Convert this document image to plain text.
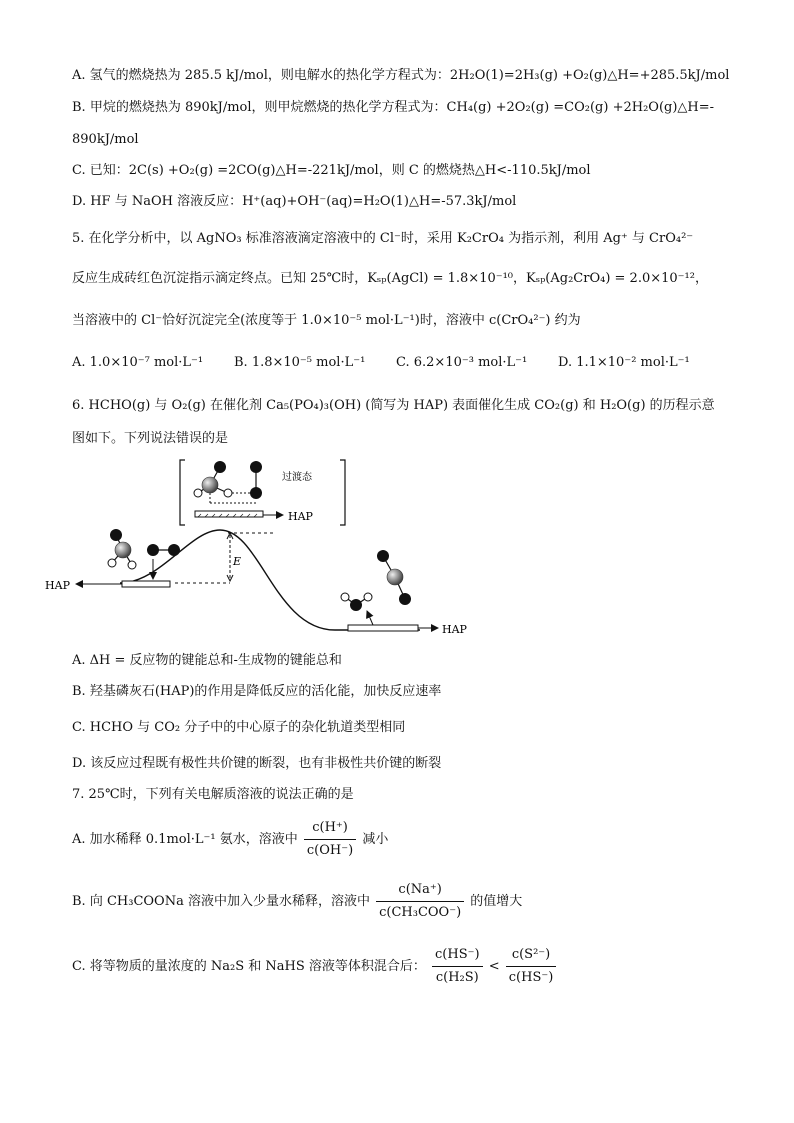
A. 氢气的燃烧热为 285.5 kJ/mol，则电解水的热化学方程式为：2H₂O(1)=2H₃(g) +O₂(g)△H=+285.5kJ/mol
B. 甲烷的燃烧热为 890kJ/mol，则甲烷燃烧的热化学方程式为：CH₄(g) +2O₂(g) =CO₂(g) +2H₂O(g)△H=-
890kJ/mol
C. 已知：2C(s) +O₂(g) =2CO(g)△H=-221kJ/mol，则 C 的燃烧热△H<-110.5kJ/mol
D. HF 与 NaOH 溶液反应：H⁺(aq)+OH⁻(aq)=H₂O(1)△H=-57.3kJ/mol
5. 在化学分析中，以 AgNO₃ 标准溶液滴定溶液中的 Cl⁻时，采用 K₂CrO₄ 为指示剂，利用 Ag⁺ 与 CrO₄²⁻
反应生成砖红色沉淀指示滴定终点。已知 25℃时，Kₛₚ(AgCl) = 1.8×10⁻¹⁰，Kₛₚ(Ag₂CrO₄) = 2.0×10⁻¹²，
当溶液中的 Cl⁻恰好沉淀完全(浓度等于 1.0×10⁻⁵ mol·L⁻¹)时，溶液中 c(CrO₄²⁻) 约为
A. 1.0×10⁻⁷ mol·L⁻¹ B. 1.8×10⁻⁵ mol·L⁻¹ C. 6.2×10⁻³ mol·L⁻¹ D. 1.1×10⁻² mol·L⁻¹
6. HCHO(g) 与 O₂(g) 在催化剂 Ca₅(PO₄)₃(OH) (简写为 HAP) 表面催化生成 CO₂(g) 和 H₂O(g) 的历程示意
图如下。下列说法错误的是
过渡态
HAP
E
HAP
HAP
A. ΔH = 反应物的键能总和-生成物的键能总和
B. 羟基磷灰石(HAP)的作用是降低反应的活化能，加快反应速率
C. HCHO 与 CO₂ 分子中的中心原子的杂化轨道类型相同
D. 该反应过程既有极性共价键的断裂，也有非极性共价键的断裂
7. 25℃时，下列有关电解质溶液的说法正确的是
A. 加水稀释 0.1mol·L⁻¹ 氨水，溶液中 $\frac{c(H^+)}{c(OH^-)}$ 减小
B. 向 CH₃COONa 溶液中加入少量水稀释，溶液中 $\frac{c(Na^+)}{\text{c(CH₃COO⁻)}}$ 的值增大
C. 将等物质的量浓度的 Na₂S 和 NaHS 溶液等体积混合后： $\frac{c(HS^-)}{\text{c(H₂S)}} < \frac{\text{c(S²⁻)}}{c(HS^-)}$
